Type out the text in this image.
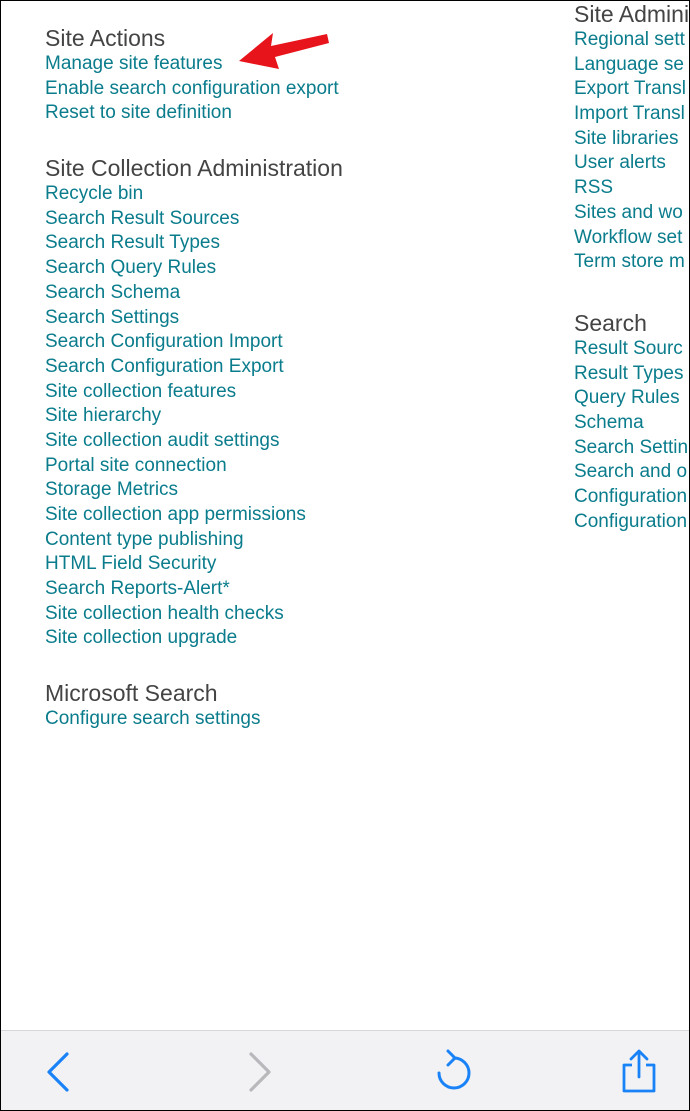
Site Actions
Manage site features
Enable search configuration export
Reset to site definition
Site Collection Administration
Recycle bin
Search Result Sources
Search Result Types
Search Query Rules
Search Schema
Search Settings
Search Configuration Import
Search Configuration Export
Site collection features
Site hierarchy
Site collection audit settings
Portal site connection
Storage Metrics
Site collection app permissions
Content type publishing
HTML Field Security
Search Reports-Alert*
Site collection health checks
Site collection upgrade
Microsoft Search
Configure search settings
Site Admini
Regional sett
Language se
Export Transl
Import Transl
Site libraries
User alerts
RSS
Sites and wo
Workflow set
Term store m
Search
Result Sourc
Result Types
Query Rules
Schema
Search Settin
Search and o
Configuration
Configuration
